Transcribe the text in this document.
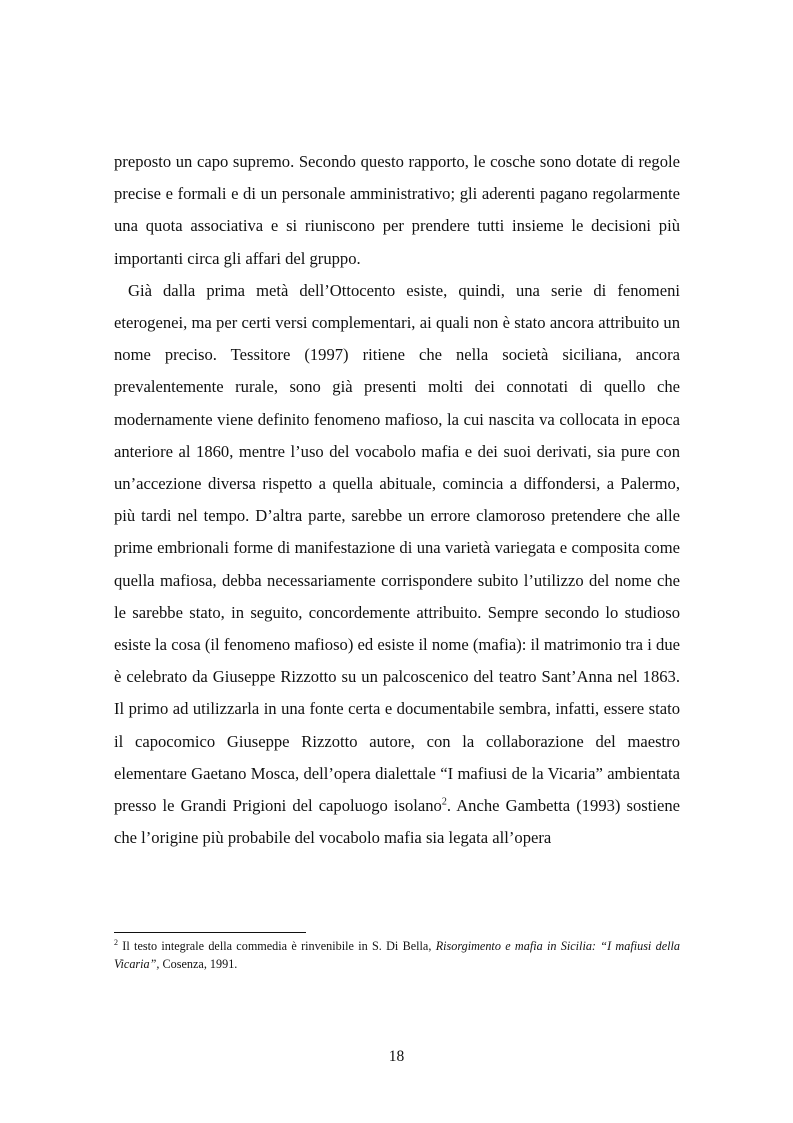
preposto un capo supremo. Secondo questo rapporto, le cosche sono dotate di regole precise e formali e di un personale amministrativo; gli aderenti pagano regolarmente una quota associativa e si riuniscono per prendere tutti insieme le decisioni più importanti circa gli affari del gruppo.

Già dalla prima metà dell’Ottocento esiste, quindi, una serie di fenomeni eterogenei, ma per certi versi complementari, ai quali non è stato ancora attribuito un nome preciso. Tessitore (1997) ritiene che nella società siciliana, ancora prevalentemente rurale, sono già presenti molti dei connotati di quello che modernamente viene definito fenomeno mafioso, la cui nascita va collocata in epoca anteriore al 1860, mentre l’uso del vocabolo mafia e dei suoi derivati, sia pure con un’accezione diversa rispetto a quella abituale, comincia a diffondersi, a Palermo, più tardi nel tempo. D’altra parte, sarebbe un errore clamoroso pretendere che alle prime embrionali forme di manifestazione di una varietà variegata e composita come quella mafiosa, debba necessariamente corrispondere subito l’utilizzo del nome che le sarebbe stato, in seguito, concordemente attribuito. Sempre secondo lo studioso esiste la cosa (il fenomeno mafioso) ed esiste il nome (mafia): il matrimonio tra i due è celebrato da Giuseppe Rizzotto su un palcoscenico del teatro Sant’Anna nel 1863. Il primo ad utilizzarla in una fonte certa e documentabile sembra, infatti, essere stato il capocomico Giuseppe Rizzotto autore, con la collaborazione del maestro elementare Gaetano Mosca, dell’opera dialettale “I mafiusi de la Vicaria” ambientata presso le Grandi Prigioni del capoluogo isolano$^2$. Anche Gambetta (1993) sostiene che l’origine più probabile del vocabolo mafia sia legata all’opera

$^2$ Il testo integrale della commedia è rinvenibile in S. Di Bella, Risorgimento e mafia in Sicilia: “I mafiusi della Vicaria”, Cosenza, 1991.
18
